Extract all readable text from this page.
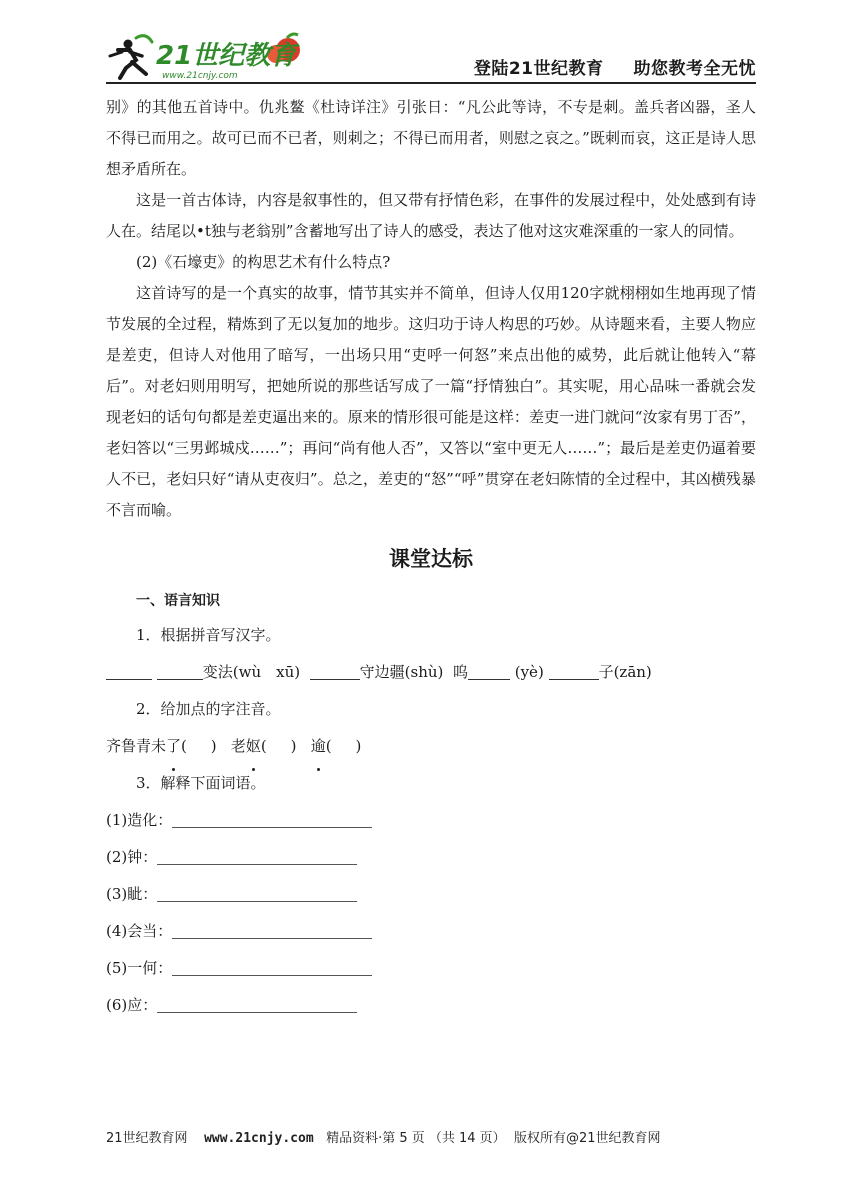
21世纪教育
www.21cnjy.com	登陆21世纪教育 助您教考全无忧

别》的其他五首诗中。仇兆鳌《杜诗详注》引张日：“凡公此等诗，不专是刺。盖兵者凶器，圣人不得已而用之。故可已而不已者，则刺之；不得已而用者，则慰之哀之。”既刺而哀，这正是诗人思想矛盾所在。

这是一首古体诗，内容是叙事性的，但又带有抒情色彩，在事件的发展过程中，处处感到有诗人在。结尾以•t独与老翁别”含蓄地写出了诗人的感受，表达了他对这灾难深重的一家人的同情。

(2)《石壕吏》的构思艺术有什么特点?

这首诗写的是一个真实的故事，情节其实并不简单，但诗人仅用120字就栩栩如生地再现了情节发展的全过程，精炼到了无以复加的地步。这归功于诗人构思的巧妙。从诗题来看，主要人物应是差吏，但诗人对他用了暗写，一出场只用“吏呼一何怒”来点出他的威势，此后就让他转入“幕后”。对老妇则用明写，把她所说的那些话写成了一篇“抒情独白”。其实呢，用心品味一番就会发现老妇的话句句都是差吏逼出来的。原来的情形很可能是这样：差吏一进门就问“汝家有男丁否”，老妇答以“三男邺城戍……”；再问“尚有他人否”，又答以“室中更无人……”；最后是差吏仍逼着要人不已，老妇只好“请从吏夜归”。总之，差吏的“怒”“呼”贯穿在老妇陈情的全过程中，其凶横残暴不言而喻。

课堂达标

一、语言知识

1．根据拼音写汉字。

变法(wù　xū)	守边疆(shù) 呜	(yè)	子(zān)

2．给加点的字注音。

齐鲁青未了(     ) 老妪(     ) 逾(     )

3．解释下面词语。

(1)造化：

(2)钟：

(3)眦：

(4)会当：

(5)一何：

(6)应：

21世纪教育网 www.21cnjy.com 精品资料·第 5 页 （共 14 页） 版权所有@21世纪教育网
